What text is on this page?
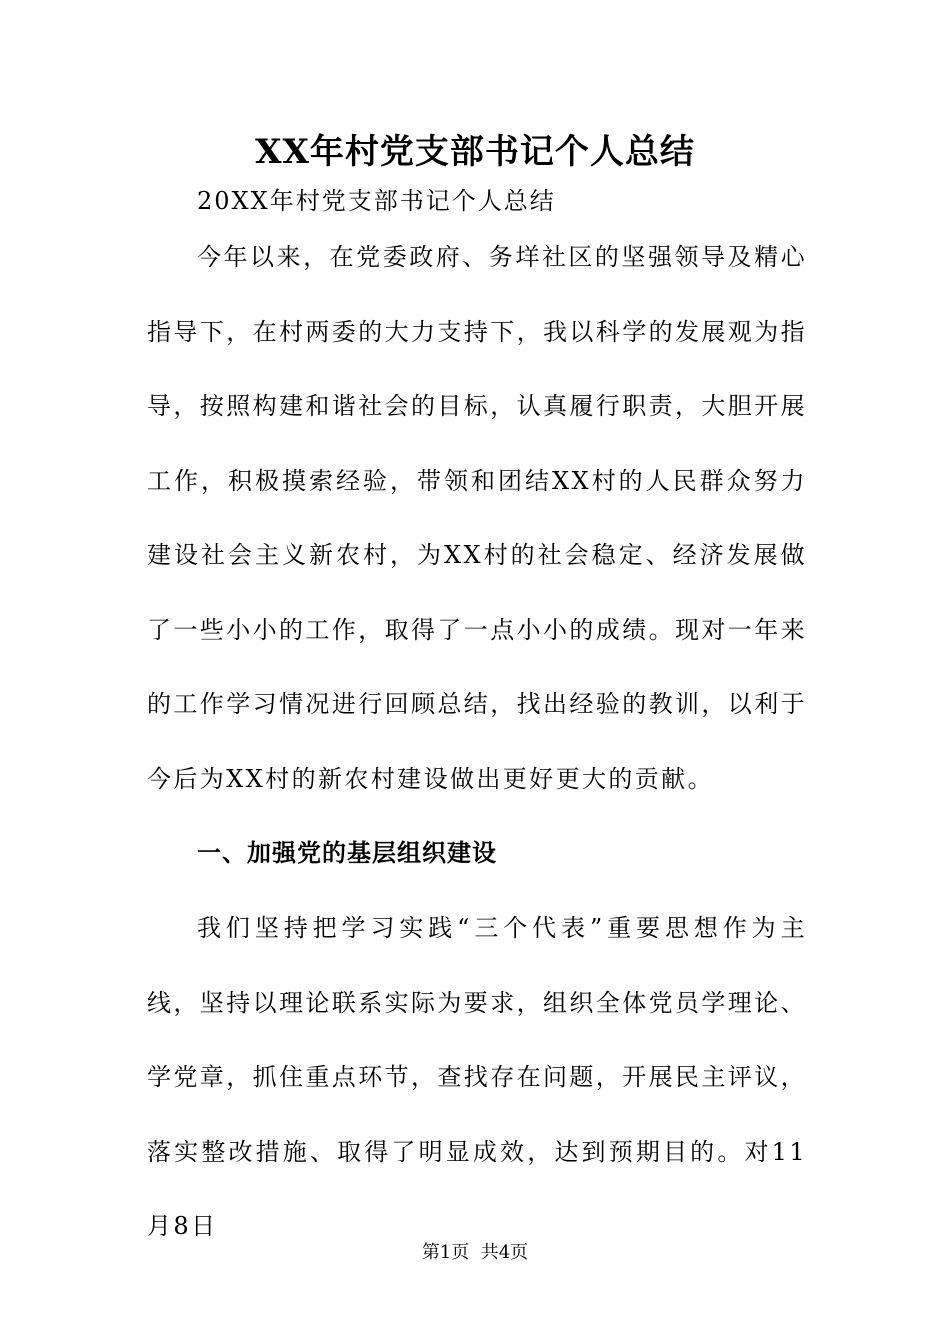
XX年村党支部书记个人总结
20XX年村党支部书记个人总结

今年以来，在党委政府、务垟社区的坚强领导及精心指导下，在村两委的大力支持下，我以科学的发展观为指导，按照构建和谐社会的目标，认真履行职责，大胆开展工作，积极摸索经验，带领和团结XX村的人民群众努力建设社会主义新农村，为XX村的社会稳定、经济发展做了一些小小的工作，取得了一点小小的成绩。现对一年来的工作学习情况进行回顾总结，找出经验的教训，以利于今后为XX村的新农村建设做出更好更大的贡献。

一、加强党的基层组织建设

我们坚持把学习实践“三个代表”重要思想作为主线，坚持以理论联系实际为要求，组织全体党员学理论、学党章，抓住重点环节，查找存在问题，开展民主评议，落实整改措施、取得了明显成效，达到预期目的。对11月8日

第1页  共4页
